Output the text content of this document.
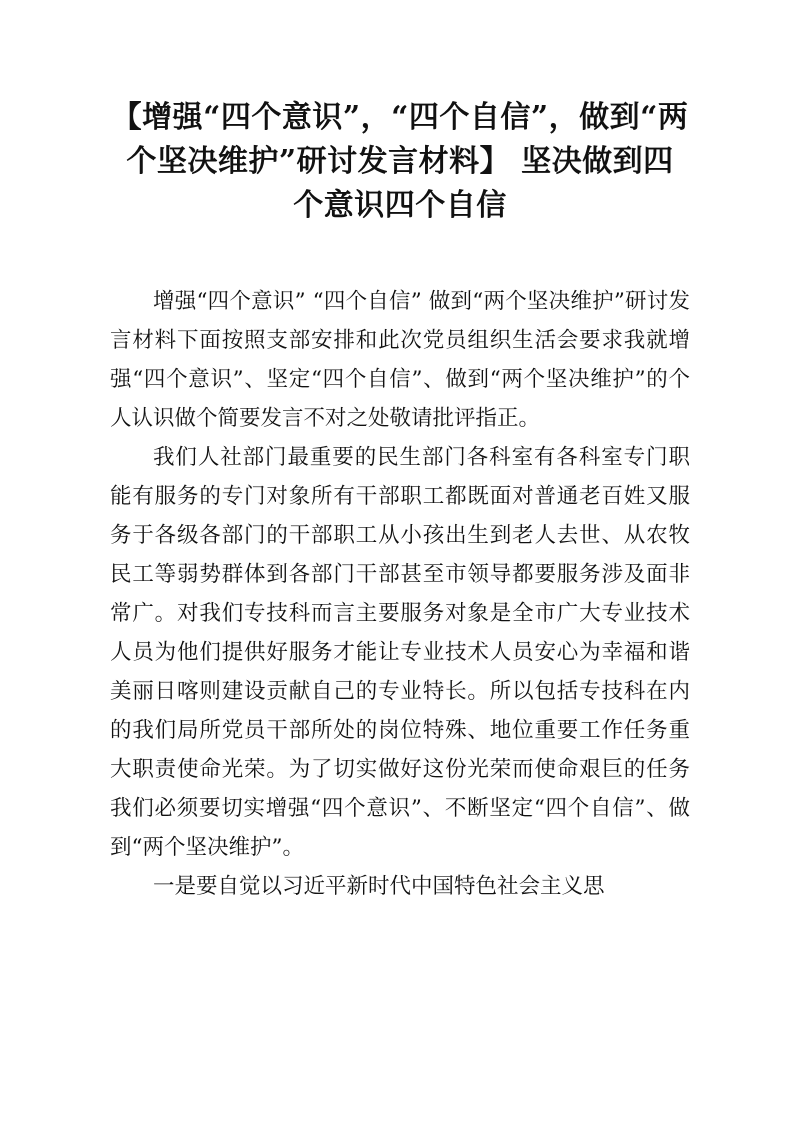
【增强“四个意识”，“四个自信”，做到“两
个坚决维护”研讨发言材料】 坚决做到四
个意识四个自信

增强“四个意识” “四个自信” 做到“两个坚决维护”研讨发言材料下面按照支部安排和此次党员组织生活会要求我就增强“四个意识”、坚定“四个自信”、做到“两个坚决维护”的个人认识做个简要发言不对之处敬请批评指正。

我们人社部门最重要的民生部门各科室有各科室专门职能有服务的专门对象所有干部职工都既面对普通老百姓又服务于各级各部门的干部职工从小孩出生到老人去世、从农牧民工等弱势群体到各部门干部甚至市领导都要服务涉及面非常广。对我们专技科而言主要服务对象是全市广大专业技术人员为他们提供好服务才能让专业技术人员安心为幸福和谐美丽日喀则建设贡献自己的专业特长。所以包括专技科在内的我们局所党员干部所处的岗位特殊、地位重要工作任务重大职责使命光荣。为了切实做好这份光荣而使命艰巨的任务我们必须要切实增强“四个意识”、不断坚定“四个自信”、做到“两个坚决维护”。

一是要自觉以习近平新时代中国特色社会主义思
